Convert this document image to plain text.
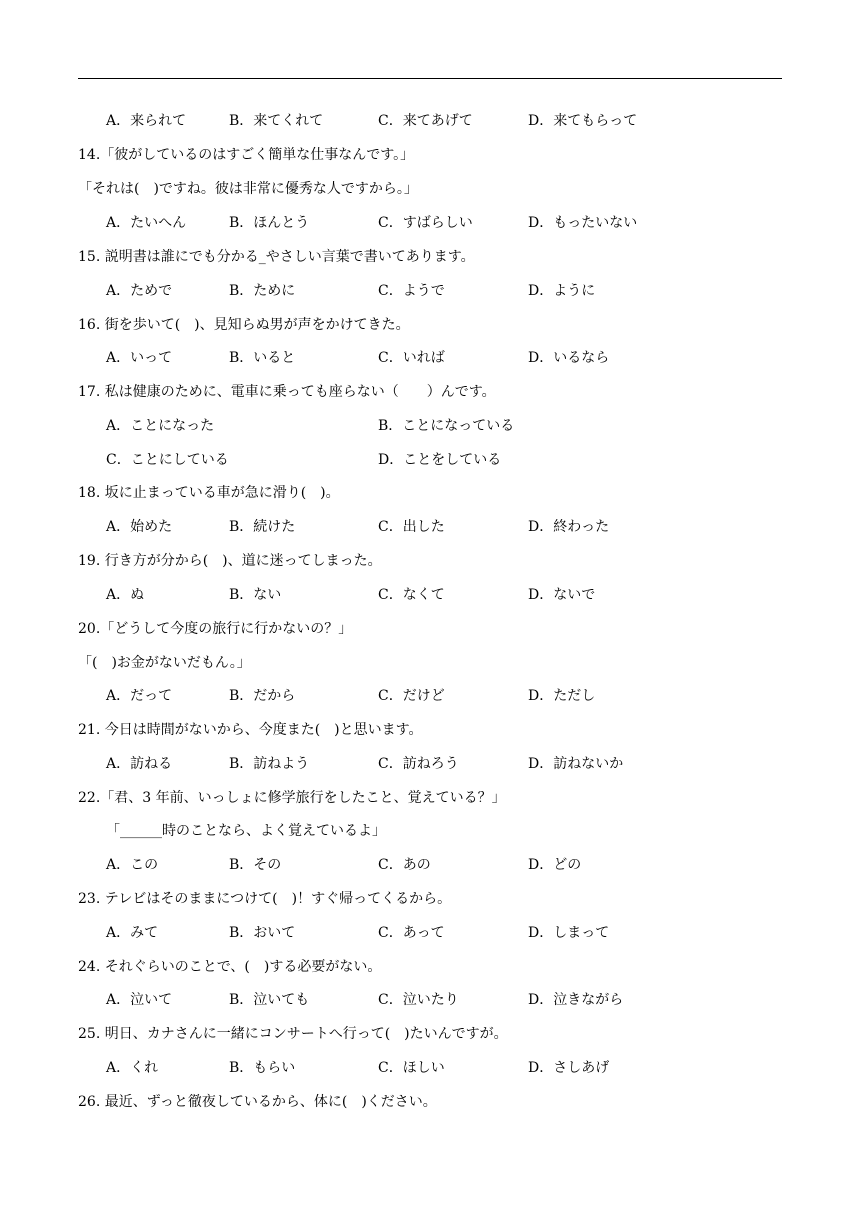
A．来られて	B．来てくれて	C．来てあげて	D．来てもらって
14.「彼がしているのはすごく簡単な仕事なんです。」
「それは(　)ですね。彼は非常に優秀な人ですから。」
A．たいへん	B．ほんとう	C．すばらしい	D．もったいない
15. 説明書は誰にでも分かる_やさしい言葉で書いてあります。
A．ためで	B．ために	C．ようで	D．ように
16. 街を歩いて(　)、見知らぬ男が声をかけてきた。
A．いって	B．いると	C．いれば	D．いるなら
17. 私は健康のために、電車に乗っても座らない（　　）んです。
A．ことになった	B．ことになっている
C．ことにしている	D．ことをしている
18. 坂に止まっている車が急に滑り(　)。
A．始めた	B．続けた	C．出した	D．終わった
19. 行き方が分から(　)、道に迷ってしまった。
A．ぬ	B．ない	C．なくて	D．ないで
20.「どうして今度の旅行に行かないの？」
「(　)お金がないだもん。」
A．だって	B．だから	C．だけど	D．ただし
21. 今日は時間がないから、今度また(　)と思います。
A．訪ねる	B．訪ねよう	C．訪ねろう	D．訪ねないか
22.「君、3 年前、いっしょに修学旅行をしたこと、覚えている？」
「______時のことなら、よく覚えているよ」
A．この	B．その	C．あの	D．どの
23. テレビはそのままにつけて(　)！すぐ帰ってくるから。
A．みて	B．おいて	C．あって	D．しまって
24. それぐらいのことで、(　)する必要がない。
A．泣いて	B．泣いても	C．泣いたり	D．泣きながら
25. 明日、カナさんに一緒にコンサートへ行って(　)たいんですが。
A．くれ	B．もらい	C．ほしい	D．さしあげ
26. 最近、ずっと徹夜しているから、体に(　)ください。
